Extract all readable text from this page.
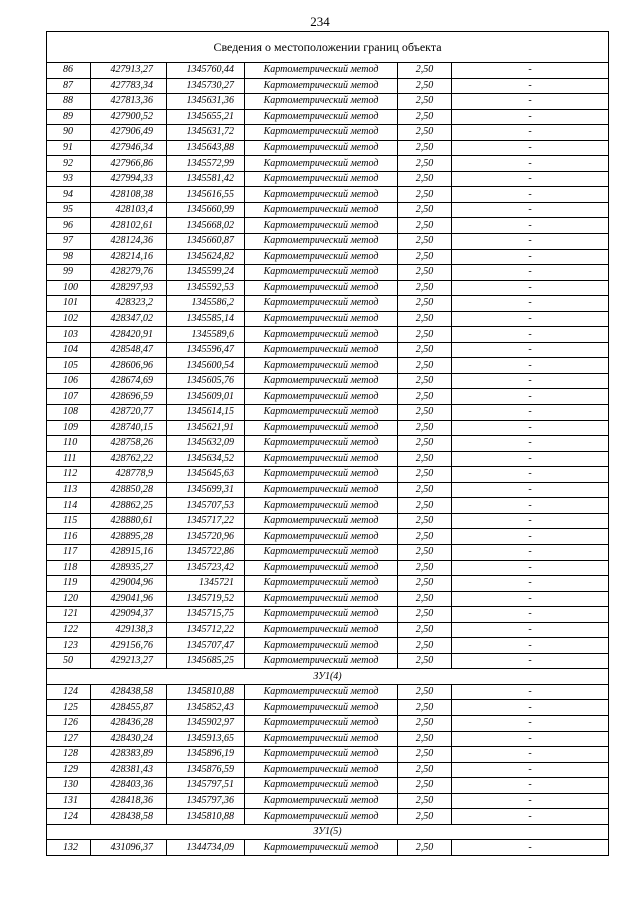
234
Сведения о местоположении границ объекта					
86	427913,27	1345760,44	Картометрический метод	2,50	-
87	427783,34	1345730,27	Картометрический метод	2,50	-
88	427813,36	1345631,36	Картометрический метод	2,50	-
89	427900,52	1345655,21	Картометрический метод	2,50	-
90	427906,49	1345631,72	Картометрический метод	2,50	-
91	427946,34	1345643,88	Картометрический метод	2,50	-
92	427966,86	1345572,99	Картометрический метод	2,50	-
93	427994,33	1345581,42	Картометрический метод	2,50	-
94	428108,38	1345616,55	Картометрический метод	2,50	-
95	428103,4	1345660,99	Картометрический метод	2,50	-
96	428102,61	1345668,02	Картометрический метод	2,50	-
97	428124,36	1345660,87	Картометрический метод	2,50	-
98	428214,16	1345624,82	Картометрический метод	2,50	-
99	428279,76	1345599,24	Картометрический метод	2,50	-
100	428297,93	1345592,53	Картометрический метод	2,50	-
101	428323,2	1345586,2	Картометрический метод	2,50	-
102	428347,02	1345585,14	Картометрический метод	2,50	-
103	428420,91	1345589,6	Картометрический метод	2,50	-
104	428548,47	1345596,47	Картометрический метод	2,50	-
105	428606,96	1345600,54	Картометрический метод	2,50	-
106	428674,69	1345605,76	Картометрический метод	2,50	-
107	428696,59	1345609,01	Картометрический метод	2,50	-
108	428720,77	1345614,15	Картометрический метод	2,50	-
109	428740,15	1345621,91	Картометрический метод	2,50	-
110	428758,26	1345632,09	Картометрический метод	2,50	-
111	428762,22	1345634,52	Картометрический метод	2,50	-
112	428778,9	1345645,63	Картометрический метод	2,50	-
113	428850,28	1345699,31	Картометрический метод	2,50	-
114	428862,25	1345707,53	Картометрический метод	2,50	-
115	428880,61	1345717,22	Картометрический метод	2,50	-
116	428895,28	1345720,96	Картометрический метод	2,50	-
117	428915,16	1345722,86	Картометрический метод	2,50	-
118	428935,27	1345723,42	Картометрический метод	2,50	-
119	429004,96	1345721	Картометрический метод	2,50	-
120	429041,96	1345719,52	Картометрический метод	2,50	-
121	429094,37	1345715,75	Картометрический метод	2,50	-
122	429138,3	1345712,22	Картометрический метод	2,50	-
123	429156,76	1345707,47	Картометрический метод	2,50	-
50	429213,27	1345685,25	Картометрический метод	2,50	-
ЗУ1(4)					
124	428438,58	1345810,88	Картометрический метод	2,50	-
125	428455,87	1345852,43	Картометрический метод	2,50	-
126	428436,28	1345902,97	Картометрический метод	2,50	-
127	428430,24	1345913,65	Картометрический метод	2,50	-
128	428383,89	1345896,19	Картометрический метод	2,50	-
129	428381,43	1345876,59	Картометрический метод	2,50	-
130	428403,36	1345797,51	Картометрический метод	2,50	-
131	428418,36	1345797,36	Картометрический метод	2,50	-
124	428438,58	1345810,88	Картометрический метод	2,50	-
ЗУ1(5)					
132	431096,37	1344734,09	Картометрический метод	2,50	-
